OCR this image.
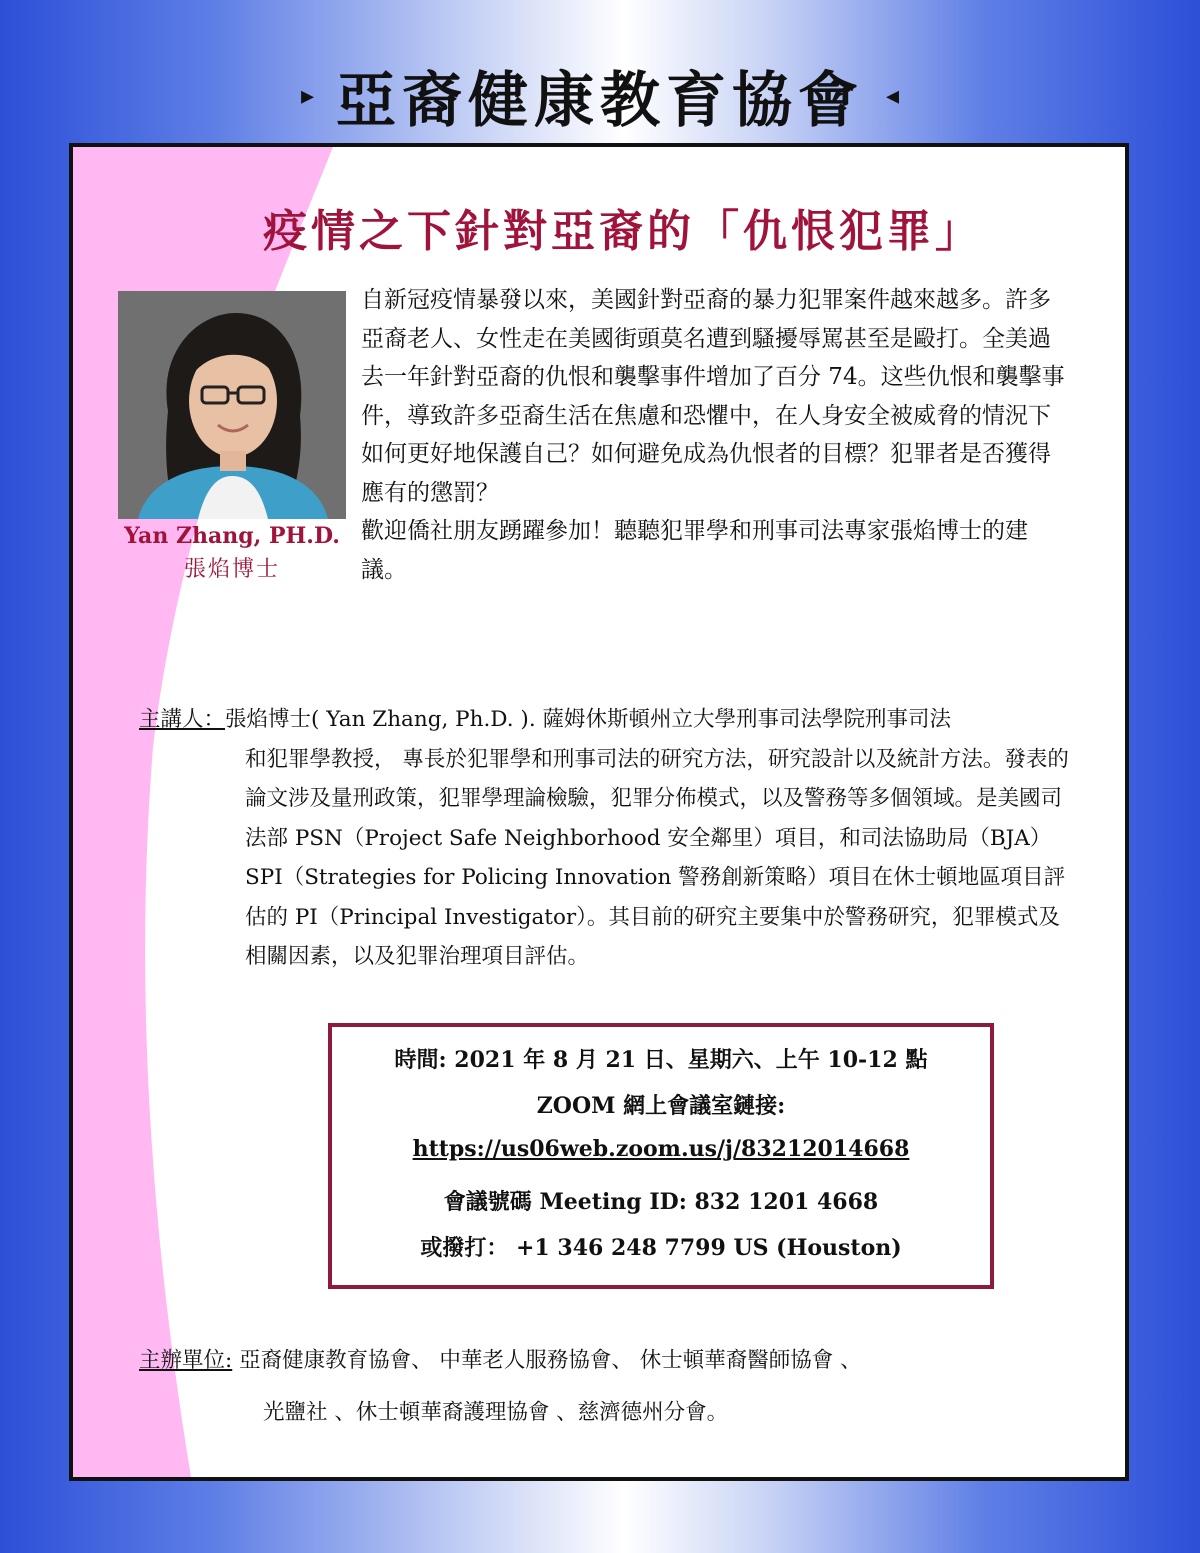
▸ 亞裔健康教育協會 ◂
疫情之下針對亞裔的「仇恨犯罪」
Yan Zhang, PH.D.
張焰博士

自新冠疫情暴發以來，美國針對亞裔的暴力犯罪案件越來越多。許多亞裔老人、女性走在美國街頭莫名遭到騷擾辱罵甚至是毆打。全美過去一年針對亞裔的仇恨和襲擊事件增加了百分 74。这些仇恨和襲擊事件，導致許多亞裔生活在焦慮和恐懼中，在人身安全被威脅的情況下如何更好地保護自己？如何避免成為仇恨者的目標？犯罪者是否獲得應有的懲罰？

歡迎僑社朋友踴躍參加！聽聽犯罪學和刑事司法專家張焰博士的建議。

主講人：張焰博士( Yan Zhang, Ph.D. ). 薩姆休斯頓州立大學刑事司法學院刑事司法
和犯罪學教授， 專長於犯罪學和刑事司法的研究方法，研究設計以及統計方法。發表的論文涉及量刑政策，犯罪學理論檢驗，犯罪分佈模式，以及警務等多個領域。是美國司法部 PSN（Project Safe Neighborhood 安全鄰里）項目，和司法協助局（BJA）SPI（Strategies for Policing Innovation 警務創新策略）項目在休士頓地區項目評估的 PI（Principal Investigator）。其目前的研究主要集中於警務研究，犯罪模式及相關因素，以及犯罪治理項目評估。
時間: 2021 年 8 月 21 日、星期六、上午 10-12 點
ZOOM 網上會議室鏈接:
https://us06web.zoom.us/j/83212014668
會議號碼 Meeting ID: 832 1201 4668
或撥打： +1 346 248 7799 US (Houston)
主辦單位: 亞裔健康教育協會、 中華老人服務協會、 休士頓華裔醫師協會 、
光鹽社 、休士頓華裔護理協會 、慈濟德州分會。
